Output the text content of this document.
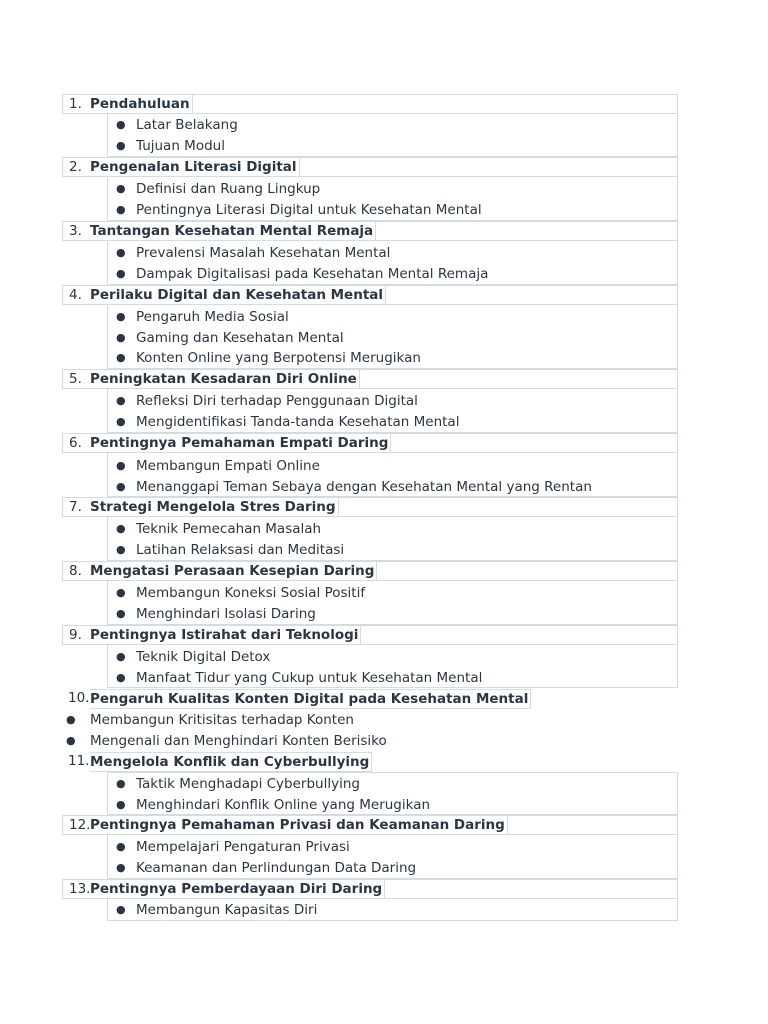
1. Pendahuluan
● Latar Belakang
● Tujuan Modul
2. Pengenalan Literasi Digital
● Definisi dan Ruang Lingkup
● Pentingnya Literasi Digital untuk Kesehatan Mental
3. Tantangan Kesehatan Mental Remaja
● Prevalensi Masalah Kesehatan Mental
● Dampak Digitalisasi pada Kesehatan Mental Remaja
4. Perilaku Digital dan Kesehatan Mental
● Pengaruh Media Sosial
● Gaming dan Kesehatan Mental
● Konten Online yang Berpotensi Merugikan
5. Peningkatan Kesadaran Diri Online
● Refleksi Diri terhadap Penggunaan Digital
● Mengidentifikasi Tanda-tanda Kesehatan Mental
6. Pentingnya Pemahaman Empati Daring
● Membangun Empati Online
● Menanggapi Teman Sebaya dengan Kesehatan Mental yang Rentan
7. Strategi Mengelola Stres Daring
● Teknik Pemecahan Masalah
● Latihan Relaksasi dan Meditasi
8. Mengatasi Perasaan Kesepian Daring
● Membangun Koneksi Sosial Positif
● Menghindari Isolasi Daring
9. Pentingnya Istirahat dari Teknologi
● Teknik Digital Detox
● Manfaat Tidur yang Cukup untuk Kesehatan Mental
10. Pengaruh Kualitas Konten Digital pada Kesehatan Mental
● Membangun Kritisitas terhadap Konten
● Mengenali dan Menghindari Konten Berisiko
11. Mengelola Konflik dan Cyberbullying
● Taktik Menghadapi Cyberbullying
● Menghindari Konflik Online yang Merugikan
12. Pentingnya Pemahaman Privasi dan Keamanan Daring
● Mempelajari Pengaturan Privasi
● Keamanan dan Perlindungan Data Daring
13. Pentingnya Pemberdayaan Diri Daring
● Membangun Kapasitas Diri
